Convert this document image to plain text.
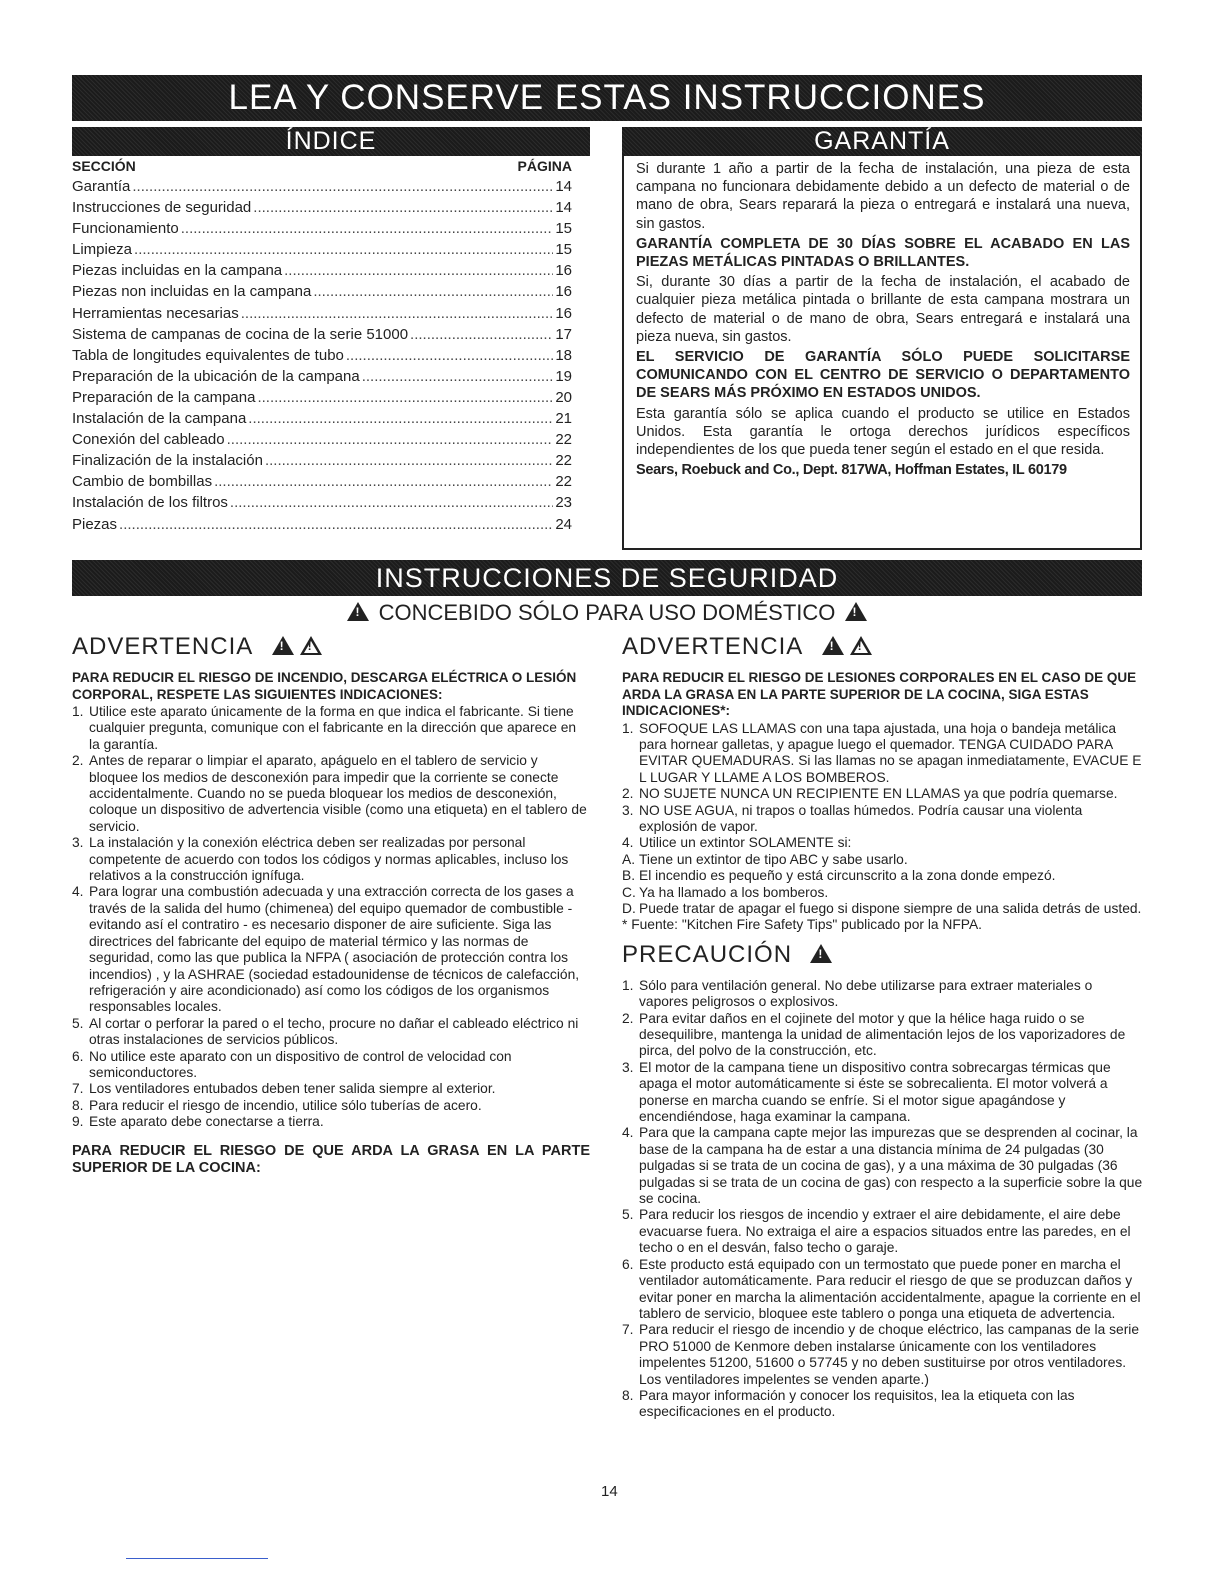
LEA Y CONSERVE ESTAS INSTRUCCIONES
ÍNDICE	GARANTÍA
SECCIÓN	PÁGINA
Garantía .....	14
Instrucciones de seguridad .....	14
Funcionamiento .....	15
Limpieza .....	15
Piezas incluidas en la campana .....	16
Piezas non incluidas en la campana .....	16
Herramientas necesarias .....	16
Sistema de campanas de cocina de la serie 51000 .....	17
Tabla de longitudes equivalentes de tubo .....	18
Preparación de la ubicación de la campana .....	19
Preparación de la campana .....	20
Instalación de la campana .....	21
Conexión del cableado .....	22
Finalización de la instalación .....	22
Cambio de bombillas .....	22
Instalación de los filtros .....	23
Piezas .....	24

Si durante 1 año a partir de la fecha de instalación, una pieza de esta campana no funcionara debidamente debido a un defecto de material o de mano de obra, Sears reparará la pieza o entregará e instalará una nueva, sin gastos.

GARANTÍA COMPLETA DE 30 DÍAS SOBRE EL ACABADO EN LAS PIEZAS METÁLICAS PINTADAS O BRILLANTES.

Si, durante 30 días a partir de la fecha de instalación, el acabado de cualquier pieza metálica pintada o brillante de esta campana mostrara un defecto de material o de mano de obra, Sears entregará e instalará una pieza nueva, sin gastos.

EL SERVICIO DE GARANTÍA SÓLO PUEDE SOLICITARSE COMUNICANDO CON EL CENTRO DE SERVICIO O DEPARTAMENTO DE SEARS MÁS PRÓXIMO EN ESTADOS UNIDOS.

Esta garantía sólo se aplica cuando el producto se utilice en Estados Unidos. Esta garantía le ortoga derechos jurídicos específicos independientes de los que pueda tener según el estado en el que resida.

Sears, Roebuck and Co., Dept. 817WA, Hoffman Estates, IL 60179

INSTRUCCIONES DE SEGURIDAD
! CONCEBIDO SÓLO PARA USO DOMÉSTICO !
ADVERTENCIA  !!
PARA REDUCIR EL RIESGO DE INCENDIO, DESCARGA ELÉCTRICA O LESIÓN CORPORAL, RESPETE LAS SIGUIENTES INDICACIONES:
1. Utilice este aparato únicamente de la forma en que indica el fabricante. Si tiene cualquier pregunta, comunique con el fabricante en la dirección que aparece en la garantía.
2. Antes de reparar o limpiar el aparato, apáguelo en el tablero de servicio y bloquee los medios de desconexión para impedir que la corriente se conecte accidentalmente. Cuando no se pueda bloquear los medios de desconexión, coloque un dispositivo de advertencia visible (como una etiqueta) en el tablero de servicio.
3. La instalación y la conexión eléctrica deben ser realizadas por personal competente de acuerdo con todos los códigos y normas aplicables, incluso los relativos a la construcción ignífuga.
4. Para lograr una combustión adecuada y una extracción correcta de los gases a través de la salida del humo (chimenea) del equipo quemador de combustible - evitando así el contratiro - es necesario disponer de aire suficiente. Siga las directrices del fabricante del equipo de material térmico y las normas de seguridad, como las que publica la NFPA ( asociación de protección contra los incendios) , y la ASHRAE (sociedad estadounidense de técnicos de calefacción, refrigeración y aire acondicionado) así como los códigos de los organismos responsables locales.
5. Al cortar o perforar la pared o el techo, procure no dañar el cableado eléctrico ni otras instalaciones de servicios públicos.
6. No utilice este aparato con un dispositivo de control de velocidad con semiconductores.
7. Los ventiladores entubados deben tener salida siempre al exterior.
8. Para reducir el riesgo de incendio, utilice sólo tuberías de acero.
9. Este aparato debe conectarse a tierra.
PARA REDUCIR EL RIESGO DE QUE ARDA LA GRASA EN LA PARTE SUPERIOR DE LA COCINA:
ADVERTENCIA  !!
PARA REDUCIR EL RIESGO DE LESIONES CORPORALES EN EL CASO DE QUE ARDA LA GRASA EN LA PARTE SUPERIOR DE LA COCINA, SIGA ESTAS INDICACIONES*:
1. SOFOQUE LAS LLAMAS con una tapa ajustada, una hoja o bandeja metálica para hornear galletas, y apague luego el quemador. TENGA CUIDADO PARA EVITAR QUEMADURAS. Si las llamas no se apagan inmediatamente, EVACUE E L LUGAR Y LLAME A LOS BOMBEROS.
2. NO SUJETE NUNCA UN RECIPIENTE EN LLAMAS ya que podría quemarse.
3. NO USE AGUA, ni trapos o toallas húmedos. Podría causar una violenta explosión de vapor.
4. Utilice un extintor SOLAMENTE si:
A. Tiene un extintor de tipo ABC y sabe usarlo.
B. El incendio es pequeño y está circunscrito a la zona donde empezó.
C. Ya ha llamado a los bomberos.
D. Puede tratar de apagar el fuego si dispone siempre de una salida detrás de usted.
* Fuente: "Kitchen Fire Safety Tips" publicado por la NFPA.
PRECAUCIÓN  !
1. Sólo para ventilación general. No debe utilizarse para extraer materiales o vapores peligrosos o explosivos.
2. Para evitar daños en el cojinete del motor y que la hélice haga ruido o se desequilibre, mantenga la unidad de alimentación lejos de los vaporizadores de pirca, del polvo de la construcción, etc.
3. El motor de la campana tiene un dispositivo contra sobrecargas térmicas que apaga el motor automáticamente si éste se sobrecalienta. El motor volverá a ponerse en marcha cuando se enfríe. Si el motor sigue apagándose y encendiéndose, haga examinar la campana.
4. Para que la campana capte mejor las impurezas que se desprenden al cocinar, la base de la campana ha de estar a una distancia mínima de 24 pulgadas (30 pulgadas si se trata de un cocina de gas), y a una máxima de 30 pulgadas (36 pulgadas si se trata de un cocina de gas) con respecto a la superficie sobre la que se cocina.
5. Para reducir los riesgos de incendio y extraer el aire debidamente, el aire debe evacuarse fuera. No extraiga el aire a espacios situados entre las paredes, en el techo o en el desván, falso techo o garaje.
6. Este producto está equipado con un termostato que puede poner en marcha el ventilador automáticamente. Para reducir el riesgo de que se produzcan daños y evitar poner en marcha la alimentación accidentalmente, apague la corriente en el tablero de servicio, bloquee este tablero o ponga una etiqueta de advertencia.
7. Para reducir el riesgo de incendio y de choque eléctrico, las campanas de la serie PRO 51000 de Kenmore deben instalarse únicamente con los ventiladores impelentes 51200, 51600 o 57745 y no deben sustituirse por otros ventiladores. Los ventiladores impelentes se venden aparte.)
8. Para mayor información y conocer los requisitos, lea la etiqueta con las especificaciones en el producto.
14
